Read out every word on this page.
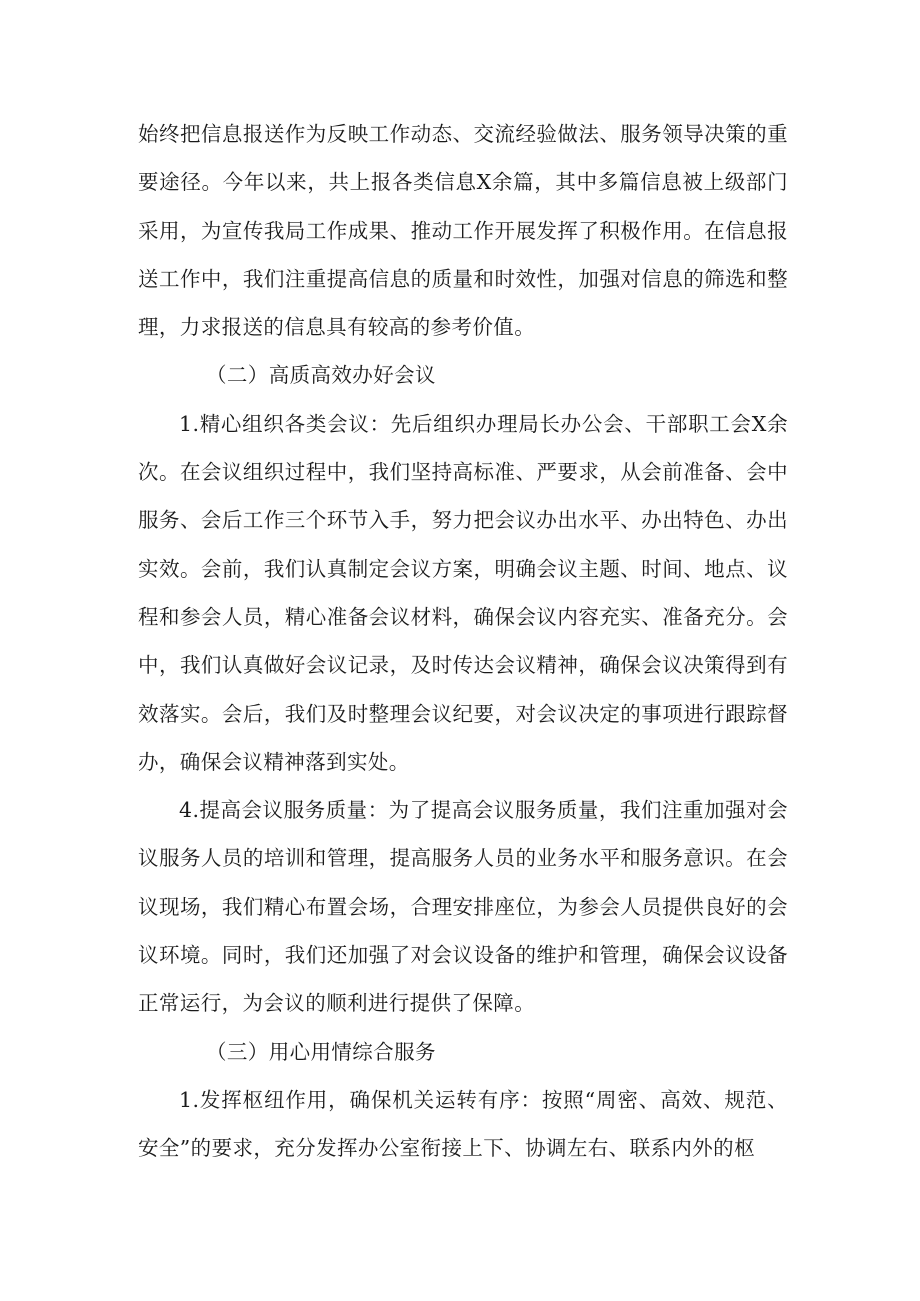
始终把信息报送作为反映工作动态、交流经验做法、服务领导决策的重要途径。今年以来，共上报各类信息X余篇，其中多篇信息被上级部门采用，为宣传我局工作成果、推动工作开展发挥了积极作用。在信息报送工作中，我们注重提高信息的质量和时效性，加强对信息的筛选和整理，力求报送的信息具有较高的参考价值。

（二）高质高效办好会议

1.精心组织各类会议：先后组织办理局长办公会、干部职工会X余次。在会议组织过程中，我们坚持高标准、严要求，从会前准备、会中服务、会后工作三个环节入手，努力把会议办出水平、办出特色、办出实效。会前，我们认真制定会议方案，明确会议主题、时间、地点、议程和参会人员，精心准备会议材料，确保会议内容充实、准备充分。会中，我们认真做好会议记录，及时传达会议精神，确保会议决策得到有效落实。会后，我们及时整理会议纪要，对会议决定的事项进行跟踪督办，确保会议精神落到实处。

4.提高会议服务质量：为了提高会议服务质量，我们注重加强对会议服务人员的培训和管理，提高服务人员的业务水平和服务意识。在会议现场，我们精心布置会场，合理安排座位，为参会人员提供良好的会议环境。同时，我们还加强了对会议设备的维护和管理，确保会议设备正常运行，为会议的顺利进行提供了保障。

（三）用心用情综合服务

1.发挥枢纽作用，确保机关运转有序：按照“周密、高效、规范、安全”的要求，充分发挥办公室衔接上下、协调左右、联系内外的枢
